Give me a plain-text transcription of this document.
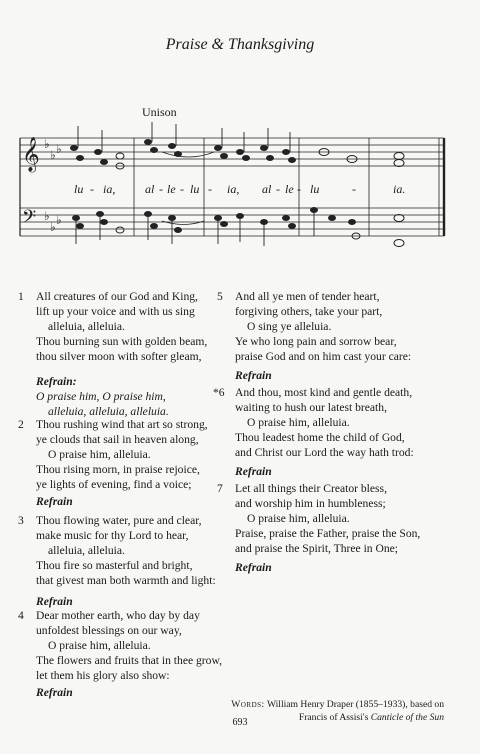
Praise & Thanksgiving
Unison
𝄞
𝄢
♭
♭ ♭
♭
♭ ♭
lu - ia, al - le - lu - ia, al - le - lu	-	ia.
1 All creatures of our God and King,
lift up your voice and with us sing
alleluia, alleluia.
Thou burning sun with golden beam,
thou silver moon with softer gleam,
Refrain:
O praise him, O praise him,
alleluia, alleluia, alleluia.
2 Thou rushing wind that art so strong,
ye clouds that sail in heaven along,
O praise him, alleluia.
Thou rising morn, in praise rejoice,
ye lights of evening, find a voice;
Refrain
3 Thou flowing water, pure and clear,
make music for thy Lord to hear,
alleluia, alleluia.
Thou fire so masterful and bright,
that givest man both warmth and light:
Refrain
4 Dear mother earth, who day by day
unfoldest blessings on our way,
O praise him, alleluia.
The flowers and fruits that in thee grow,
let them his glory also show:
Refrain
5 And all ye men of tender heart,
forgiving others, take your part,
O sing ye alleluia.
Ye who long pain and sorrow bear,
praise God and on him cast your care:
Refrain
*6 And thou, most kind and gentle death,
waiting to hush our latest breath,
O praise him, alleluia.
Thou leadest home the child of God,
and Christ our Lord the way hath trod:
Refrain
7 Let all things their Creator bless,
and worship him in humbleness;
O praise him, alleluia.
Praise, praise the Father, praise the Son,
and praise the Spirit, Three in One;
Refrain
Words: William Henry Draper (1855–1933), based on
Francis of Assisi's Canticle of the Sun
693
